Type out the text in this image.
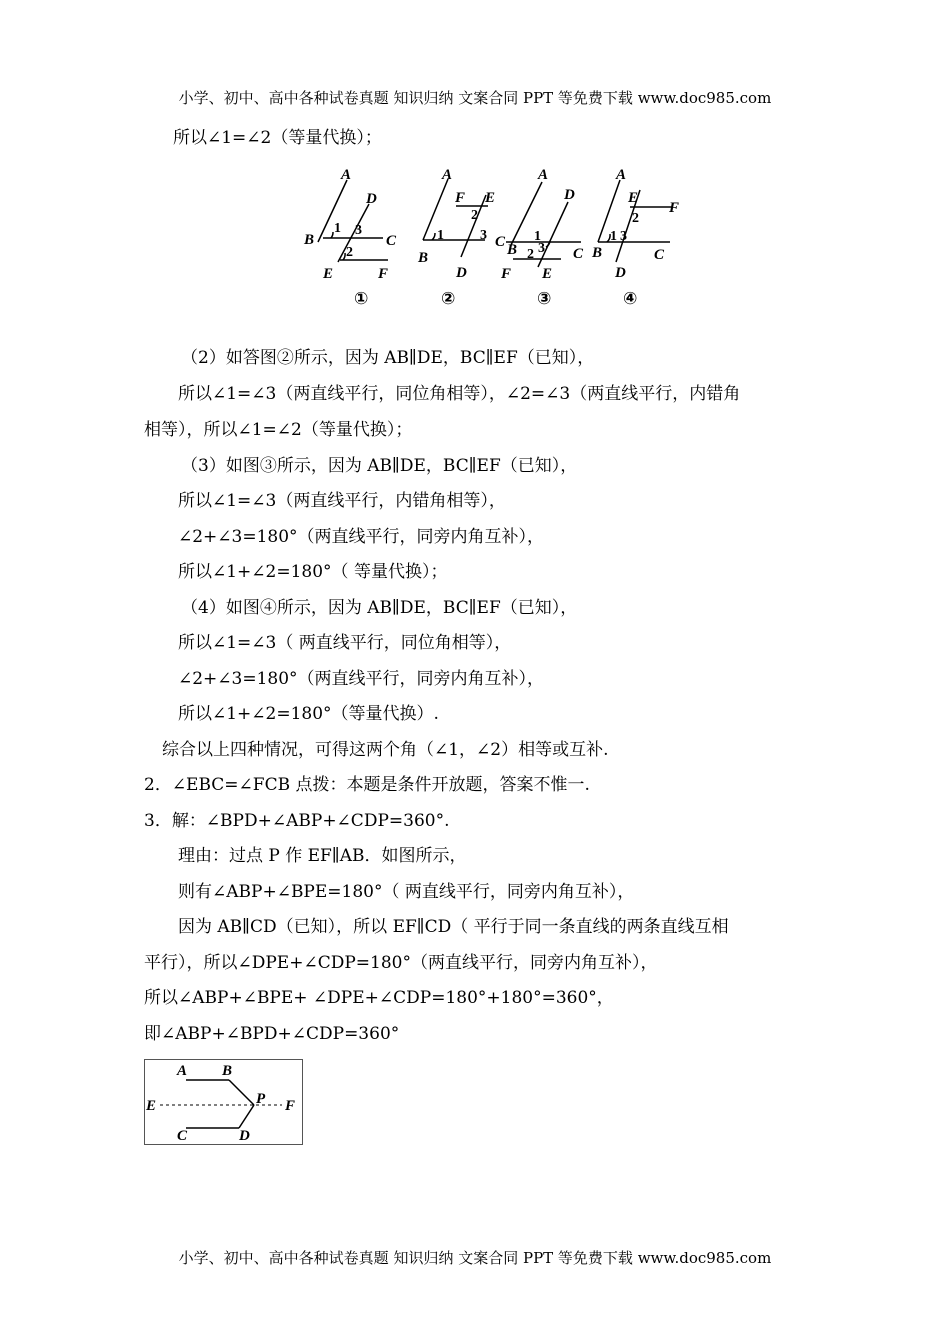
小学、初中、高中各种试卷真题 知识归纳 文案合同 PPT 等免费下载 www.doc985.com
所以∠1=∠2（等量代换）；
A
D
B	C
E	F
1 3
2
①
A
F E
C
B
D
1
2
3
②
A
D
B	C
F E
1
3
2
③
A
E
F
B	C
D
1
2
3
④
（2）如答图②所示，因为 AB∥DE，BC∥EF（已知），
所以∠1=∠3（两直线平行，同位角相等），∠2=∠3（两直线平行，内错角
相等），所以∠1=∠2（等量代换）；
（3）如图③所示，因为 AB∥DE，BC∥EF（已知），
所以∠1=∠3（两直线平行，内错角相等），
∠2+∠3=180°（两直线平行，同旁内角互补），
所以∠1+∠2=180°（ 等量代换）；
（4）如图④所示，因为 AB∥DE，BC∥EF（已知），
所以∠1=∠3（ 两直线平行，同位角相等），
∠2+∠3=180°（两直线平行，同旁内角互补），
所以∠1+∠2=180°（等量代换）.
综合以上四种情况，可得这两个角（∠1，∠2）相等或互补.
2．∠EBC=∠FCB 点拨：本题是条件开放题，答案不惟一.
3．解：∠BPD+∠ABP+∠CDP=360°.
理由：过点 P 作 EF∥AB．如图所示，
则有∠ABP+∠BPE=180°（ 两直线平行，同旁内角互补），
因为 AB∥CD（已知），所以 EF∥CD（ 平行于同一条直线的两条直线互相
平行），所以∠DPE+∠CDP=180°（两直线平行，同旁内角互补），
所以∠ABP+∠BPE+ ∠DPE+∠CDP=180°+180°=360°，
即∠ABP+∠BPD+∠CDP=360°
A B
E	P F
C	D
小学、初中、高中各种试卷真题 知识归纳 文案合同 PPT 等免费下载 www.doc985.com
